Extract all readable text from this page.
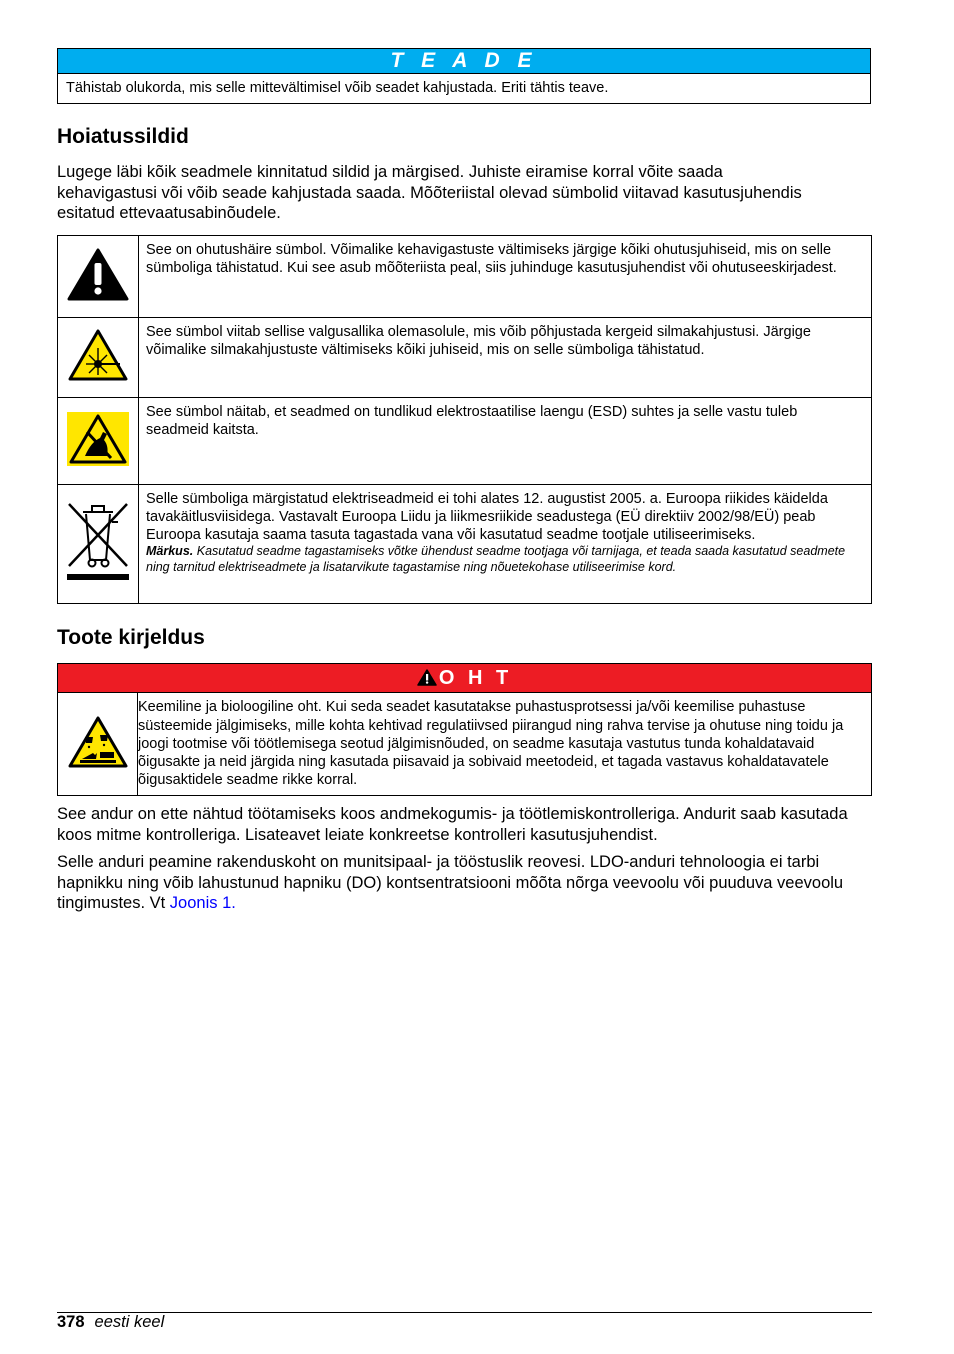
T E A D E
Tähistab olukorda, mis selle mittevältimisel võib seadet kahjustada. Eriti tähtis teave.
Hoiatussildid
Lugege läbi kõik seadmele kinnitatud sildid ja märgised. Juhiste eiramise korral võite saada kehavigastusi või võib seade kahjustada saada. Mõõteriistal olevad sümbolid viitavad kasutusjuhendis esitatud ettevaatusabinõudele.
	See on ohutushäire sümbol. Võimalike kehavigastuste vältimiseks järgige kõiki ohutusjuhiseid, mis on selle sümboliga tähistatud. Kui see asub mõõteriista peal, siis juhinduge kasutusjuhendist või ohutuseeskirjadest.
	See sümbol viitab sellise valgusallika olemasolule, mis võib põhjustada kergeid silmakahjustusi. Järgige võimalike silmakahjustuste vältimiseks kõiki juhiseid, mis on selle sümboliga tähistatud.
	See sümbol näitab, et seadmed on tundlikud elektrostaatilise laengu (ESD) suhtes ja selle vastu tuleb seadmeid kaitsta.

Selle sümboliga märgistatud elektriseadmeid ei tohi alates 12. augustist 2005. a. Euroopa riikides käidelda tavakäitlusviisidega. Vastavalt Euroopa Liidu ja liikmesriikide seadustega (EÜ direktiiv 2002/98/EÜ) peab Euroopa kasutaja saama tasuta tagastada vana või kasutatud seadme tootjale utiliseerimiseks.
Märkus. Kasutatud seadme tagastamiseks võtke ühendust seadme tootjaga või tarnijaga, et teada saada kasutatud seadmete ning tarnitud elektriseadmete ja lisatarvikute tagastamise ning nõuetekohase utiliseerimise kord.
Toote kirjeldus
O H T
	Keemiline ja bioloogiline oht. Kui seda seadet kasutatakse puhastusprotsessi ja/või keemilise puhastuse süsteemide jälgimiseks, mille kohta kehtivad regulatiivsed piirangud ning rahva tervise ja ohutuse ning toidu ja joogi tootmise või töötlemisega seotud jälgimisnõuded, on seadme kasutaja vastutus tunda kohaldatavaid õigusakte ja neid järgida ning kasutada piisavaid ja sobivaid meetodeid, et tagada vastavus kohaldatavatele õigusaktidele seadme rikke korral.
See andur on ette nähtud töötamiseks koos andmekogumis- ja töötlemiskontrolleriga. Andurit saab kasutada koos mitme kontrolleriga. Lisateavet leiate konkreetse kontrolleri kasutusjuhendist.
Selle anduri peamine rakenduskoht on munitsipaal- ja tööstuslik reovesi. LDO-anduri tehnoloogia ei tarbi hapnikku ning võib lahustunud hapniku (DO) kontsentratsiooni mõõta nõrga veevoolu või puuduva veevoolu tingimustes. Vt Joonis 1.
378 eesti keel
